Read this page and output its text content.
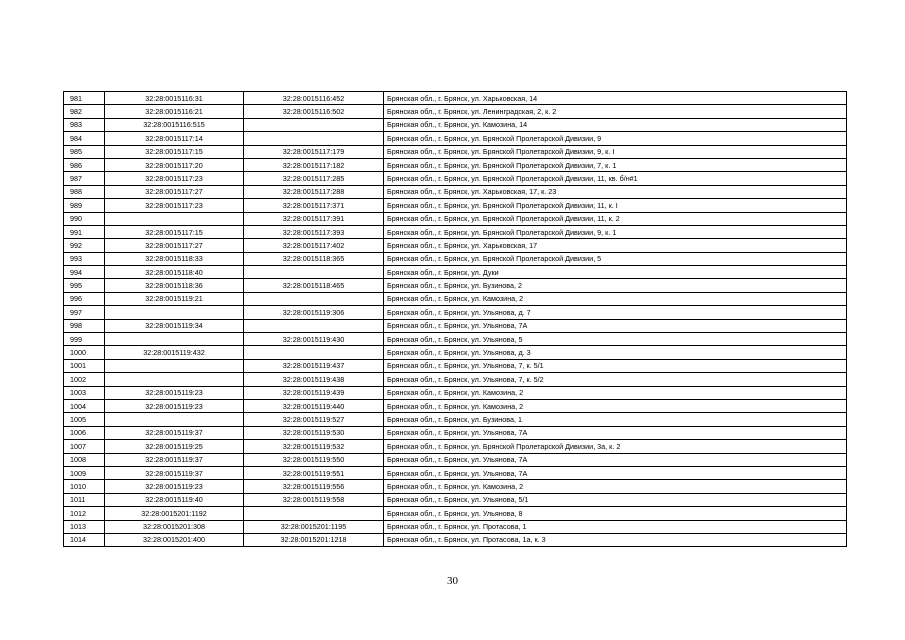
981	32:28:0015116:31	32:28:0015116:452	Брянская обл., г. Брянск, ул. Харьковская, 14
982	32:28:0015116:21	32:28:0015116:502	Брянская обл., г. Брянск, ул. Ленинградская, 2, к. 2
983	32:28:0015116:515		Брянская обл., г. Брянск, ул. Камозина, 14
984	32:28:0015117:14		Брянская обл., г. Брянск, ул. Брянской Пролетарской Дивизии, 9
985	32:28:0015117:15	32:28:0015117:179	Брянская обл., г. Брянск, ул. Брянской Пролетарской Дивизии, 9, к. I
986	32:28:0015117:20	32:28:0015117:182	Брянская обл., г. Брянск, ул. Брянской Пролетарской Дивизии, 7, к. 1
987	32:28:0015117:23	32:28:0015117:285	Брянская обл., г. Брянск, ул. Брянской Пролетарской Дивизии, 11, кв. б/н#1
988	32:28:0015117:27	32:28:0015117:288	Брянская обл., г. Брянск, ул. Харьковская, 17, к. 23
989	32:28:0015117:23	32:28:0015117:371	Брянская обл., г. Брянск, ул. Брянской Пролетарской Дивизии, 11, к. I
990		32:28:0015117:391	Брянская обл., г. Брянск, ул. Брянской Пролетарской Дивизии, 11, к. 2
991	32:28:0015117:15	32:28:0015117:393	Брянская обл., г. Брянск, ул. Брянской Пролетарской Дивизии, 9, к. 1
992	32:28:0015117:27	32:28:0015117:402	Брянская обл., г. Брянск, ул. Харьковская, 17
993	32:28:0015118:33	32:28:0015118:365	Брянская обл., г. Брянск, ул. Брянской Пролетарской Дивизии, 5
994	32:28:0015118:40		Брянская обл., г. Брянск, ул. Дуки
995	32:28:0015118:36	32:28:0015118:465	Брянская обл., г. Брянск, ул. Бузинова, 2
996	32:28:0015119:21		Брянская обл., г. Брянск, ул. Камозина, 2
997		32:28:0015119:306	Брянская обл., г. Брянск, ул. Ульянова, д. 7
998	32:28:0015119:34		Брянская обл., г. Брянск, ул. Ульянова, 7А
999		32:28:0015119:430	Брянская обл., г. Брянск, ул. Ульянова, 5
1000	32:28:0015119:432		Брянская обл., г. Брянск, ул. Ульянова, д. 3
1001		32:28:0015119:437	Брянская обл., г. Брянск, ул. Ульянова, 7, к. 5/1
1002		32:28:0015119:438	Брянская обл., г. Брянск, ул. Ульянова, 7, к. 5/2
1003	32:28:0015119:23	32:28:0015119:439	Брянская обл., г. Брянск, ул. Камозина, 2
1004	32:28:0015119:23	32:28:0015119:440	Брянская обл., г. Брянск, ул. Камозина, 2
1005		32:28:0015119:527	Брянская обл., г. Брянск, ул. Бузинова, 1
1006	32:28:0015119:37	32:28:0015119:530	Брянская обл., г. Брянск, ул. Ульянова, 7А
1007	32:28:0015119:25	32:28:0015119:532	Брянская обл., г. Брянск, ул. Брянской Пролетарской Дивизии, 3а, к. 2
1008	32:28:0015119:37	32:28:0015119:550	Брянская обл., г. Брянск, ул. Ульянова, 7А
1009	32:28:0015119:37	32:28:0015119:551	Брянская обл., г. Брянск, ул. Ульянова, 7А
1010	32:28:0015119:23	32:28:0015119:556	Брянская обл., г. Брянск, ул. Камозина, 2
1011	32:28:0015119:40	32:28:0015119:558	Брянская обл., г. Брянск, ул. Ульянова, 5/1
1012	32:28:0015201:1192		Брянская обл., г. Брянск, ул. Ульянова, 8
1013	32:28:0015201:308	32:28:0015201:1195	Брянская обл., г. Брянск, ул. Протасова, 1
1014	32:28:0015201:400	32:28:0015201:1218	Брянская обл., г. Брянск, ул. Протасова, 1а, к. 3
30
